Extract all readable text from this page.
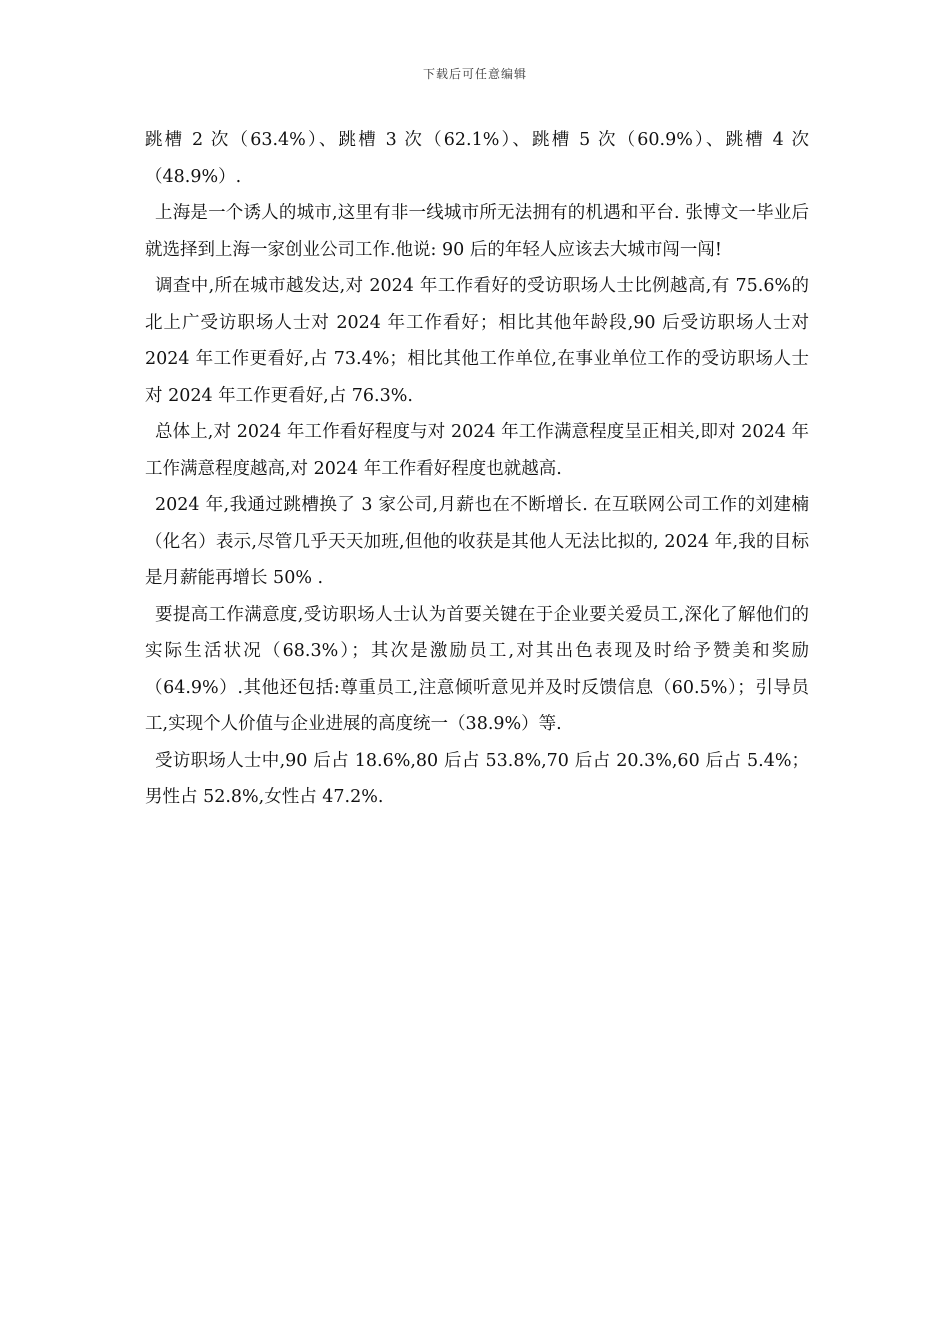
下载后可任意编辑

跳槽 2 次（63.4%）、跳槽 3 次（62.1%）、跳槽 5 次（60.9%）、跳槽 4 次（48.9%）.

上海是一个诱人的城市,这里有非一线城市所无法拥有的机遇和平台. 张博文一毕业后就选择到上海一家创业公司工作.他说: 90 后的年轻人应该去大城市闯一闯!

调查中,所在城市越发达,对 2024 年工作看好的受访职场人士比例越高,有 75.6%的北上广受访职场人士对 2024 年工作看好；相比其他年龄段,90 后受访职场人士对 2024 年工作更看好,占 73.4%；相比其他工作单位,在事业单位工作的受访职场人士对 2024 年工作更看好,占 76.3%.

总体上,对 2024 年工作看好程度与对 2024 年工作满意程度呈正相关,即对 2024 年工作满意程度越高,对 2024 年工作看好程度也就越高.

2024 年,我通过跳槽换了 3 家公司,月薪也在不断增长. 在互联网公司工作的刘建楠（化名）表示,尽管几乎天天加班,但他的收获是其他人无法比拟的, 2024 年,我的目标是月薪能再增长 50% .

要提高工作满意度,受访职场人士认为首要关键在于企业要关爱员工,深化了解他们的实际生活状况（68.3%）；其次是激励员工,对其出色表现及时给予赞美和奖励（64.9%）.其他还包括:尊重员工,注意倾听意见并及时反馈信息（60.5%）；引导员工,实现个人价值与企业进展的高度统一（38.9%）等.

受访职场人士中,90 后占 18.6%,80 后占 53.8%,70 后占 20.3%,60 后占 5.4%；男性占 52.8%,女性占 47.2%.
